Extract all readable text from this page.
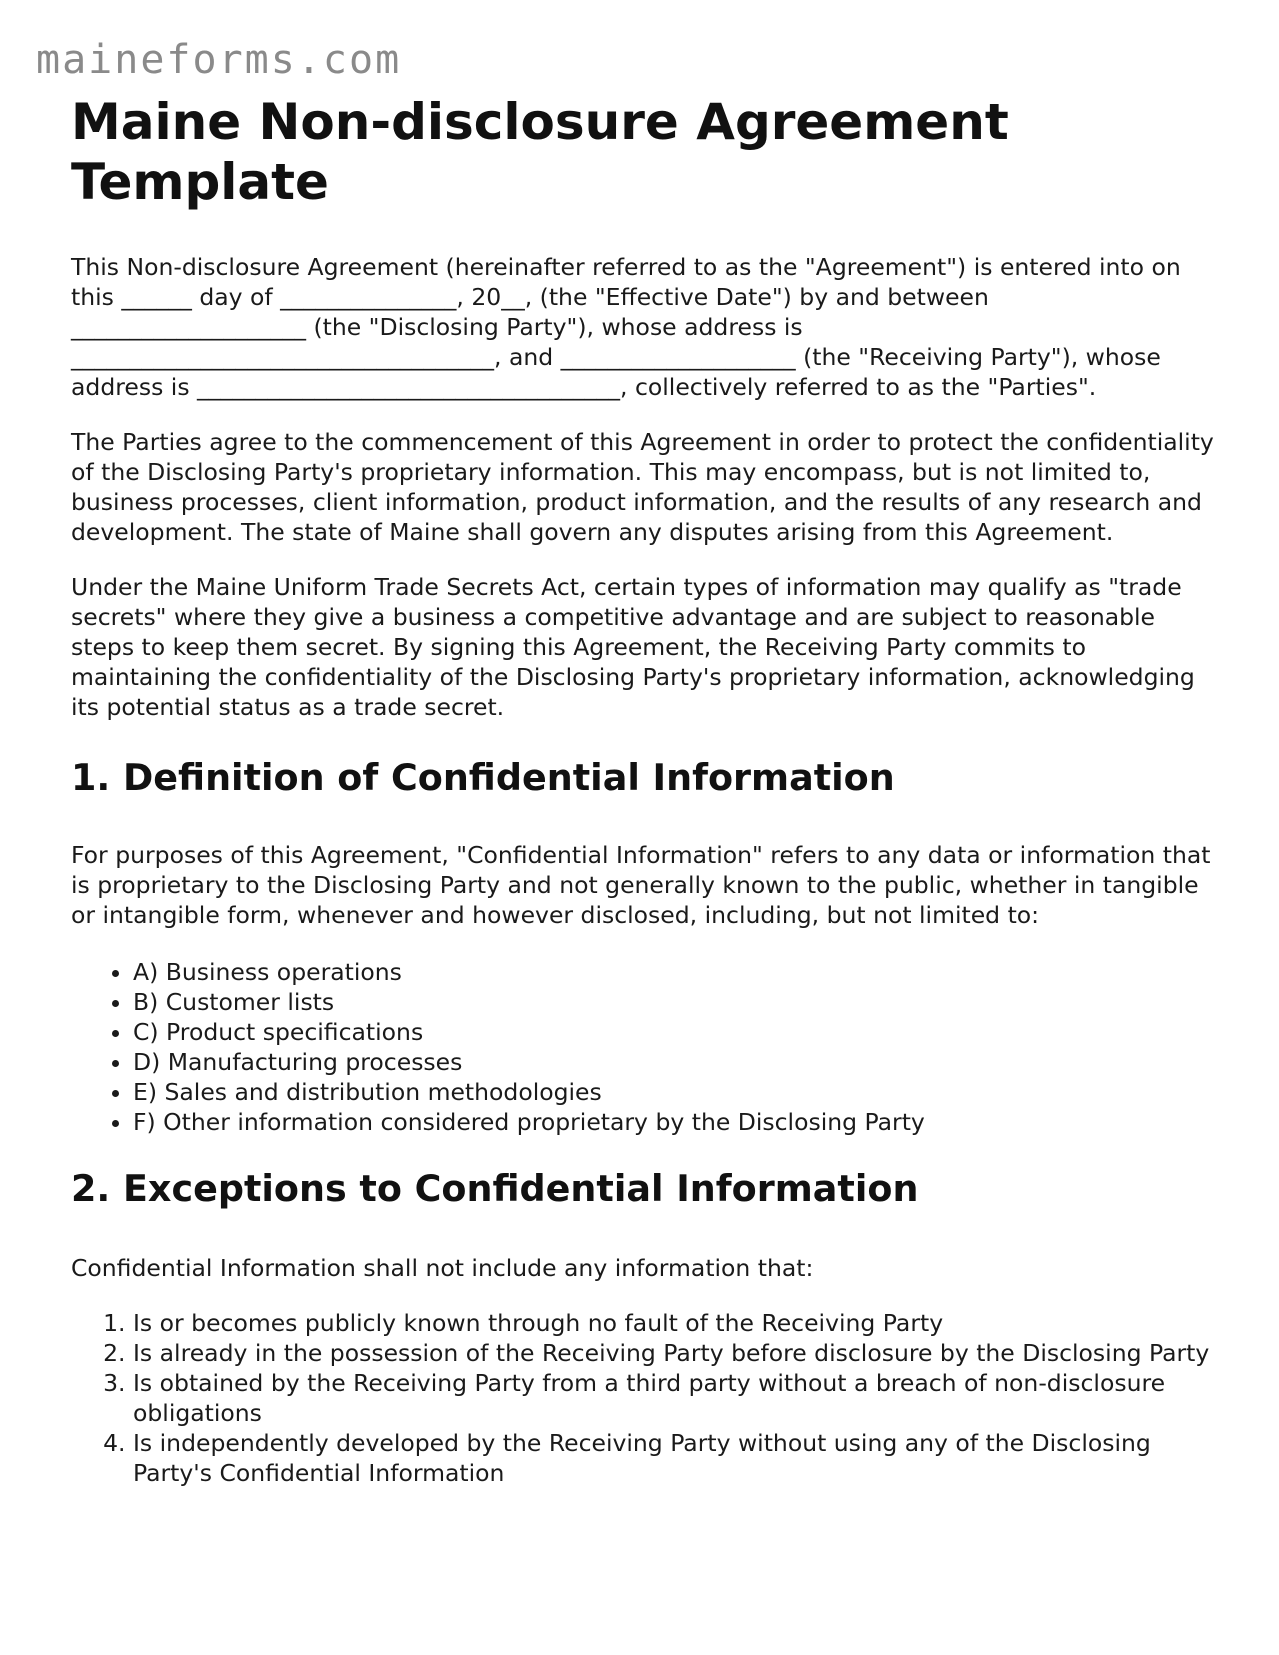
maineforms.com
Maine Non-disclosure Agreement Template

This Non-disclosure Agreement (hereinafter referred to as the "Agreement") is entered into on this ______ day of _______________, 20__, (the "Effective Date") by and between ____________________ (the "Disclosing Party"), whose address is ____________________________________, and ____________________ (the "Receiving Party"), whose address is ____________________________________, collectively referred to as the "Parties".

The Parties agree to the commencement of this Agreement in order to protect the confidentiality of the Disclosing Party's proprietary information. This may encompass, but is not limited to, business processes, client information, product information, and the results of any research and development. The state of Maine shall govern any disputes arising from this Agreement.

Under the Maine Uniform Trade Secrets Act, certain types of information may qualify as "trade secrets" where they give a business a competitive advantage and are subject to reasonable steps to keep them secret. By signing this Agreement, the Receiving Party commits to maintaining the confidentiality of the Disclosing Party's proprietary information, acknowledging its potential status as a trade secret.

1. Definition of Confidential Information

For purposes of this Agreement, "Confidential Information" refers to any data or information that is proprietary to the Disclosing Party and not generally known to the public, whether in tangible or intangible form, whenever and however disclosed, including, but not limited to:

• A) Business operations
• B) Customer lists
• C) Product specifications
• D) Manufacturing processes
• E) Sales and distribution methodologies
• F) Other information considered proprietary by the Disclosing Party
2. Exceptions to Confidential Information

Confidential Information shall not include any information that:

1. Is or becomes publicly known through no fault of the Receiving Party
2. Is already in the possession of the Receiving Party before disclosure by the Disclosing Party
3. Is obtained by the Receiving Party from a third party without a breach of non-disclosure obligations
4. Is independently developed by the Receiving Party without using any of the Disclosing Party's Confidential Information
